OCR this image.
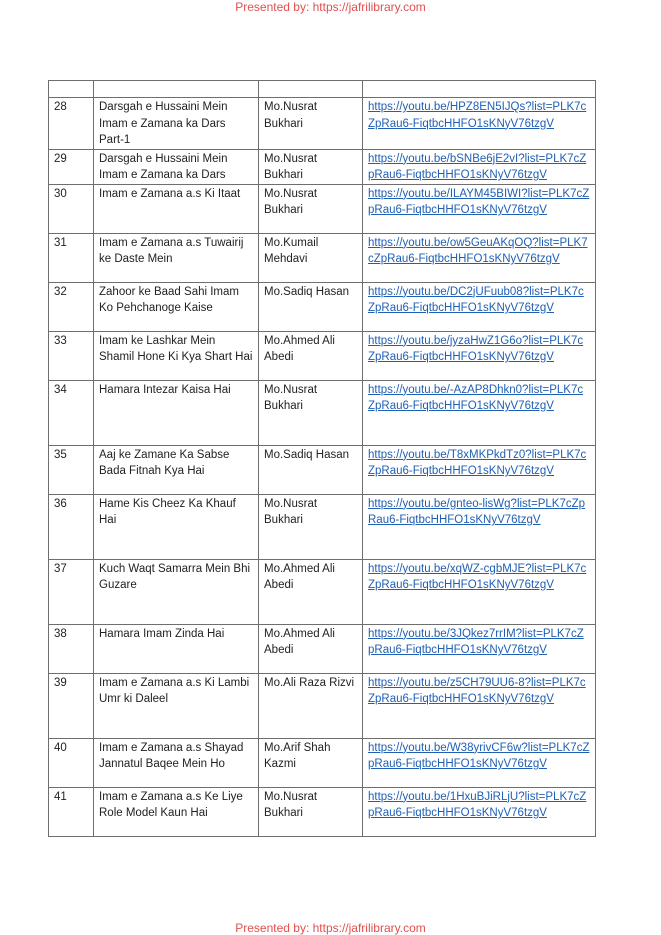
Presented by: https://jafrilibrary.com

28	Darsgah e Hussaini Mein Imam e Zamana ka Dars Part-1	Mo.Nusrat Bukhari	https://youtu.be/HPZ8EN5IJQs?list=PLK7cZpRau6-FiqtbcHHFO1sKNyV76tzgV
29	Darsgah e Hussaini Mein Imam e Zamana ka Dars	Mo.Nusrat Bukhari	https://youtu.be/bSNBe6jE2vI?list=PLK7cZpRau6-FiqtbcHHFO1sKNyV76tzgV
30	Imam e Zamana a.s Ki Itaat	Mo.Nusrat Bukhari	https://youtu.be/ILAYM45BIWI?list=PLK7cZpRau6-FiqtbcHHFO1sKNyV76tzgV
31	Imam e Zamana a.s Tuwairij ke Daste Mein	Mo.Kumail Mehdavi	https://youtu.be/ow5GeuAKqOQ?list=PLK7cZpRau6-FiqtbcHHFO1sKNyV76tzgV
32	Zahoor ke Baad Sahi Imam Ko Pehchanoge Kaise	Mo.Sadiq Hasan	https://youtu.be/DC2jUFuub08?list=PLK7cZpRau6-FiqtbcHHFO1sKNyV76tzgV
33	Imam ke Lashkar Mein Shamil Hone Ki Kya Shart Hai	Mo.Ahmed Ali Abedi	https://youtu.be/jyzaHwZ1G6o?list=PLK7cZpRau6-FiqtbcHHFO1sKNyV76tzgV
34	Hamara Intezar Kaisa Hai	Mo.Nusrat Bukhari	https://youtu.be/-AzAP8Dhkn0?list=PLK7cZpRau6-FiqtbcHHFO1sKNyV76tzgV
35	Aaj ke Zamane Ka Sabse Bada Fitnah Kya Hai	Mo.Sadiq Hasan	https://youtu.be/T8xMKPkdTz0?list=PLK7cZpRau6-FiqtbcHHFO1sKNyV76tzgV
36	Hame Kis Cheez Ka Khauf Hai	Mo.Nusrat Bukhari	https://youtu.be/gnteo-lisWg?list=PLK7cZpRau6-FiqtbcHHFO1sKNyV76tzgV
37	Kuch Waqt Samarra Mein Bhi Guzare	Mo.Ahmed Ali Abedi	https://youtu.be/xqWZ-cgbMJE?list=PLK7cZpRau6-FiqtbcHHFO1sKNyV76tzgV
38	Hamara Imam Zinda Hai	Mo.Ahmed Ali Abedi	https://youtu.be/3JQkez7rrIM?list=PLK7cZpRau6-FiqtbcHHFO1sKNyV76tzgV
39	Imam e Zamana a.s Ki Lambi Umr ki Daleel	Mo.Ali Raza Rizvi	https://youtu.be/z5CH79UU6-8?list=PLK7cZpRau6-FiqtbcHHFO1sKNyV76tzgV
40	Imam e Zamana a.s Shayad Jannatul Baqee Mein Ho	Mo.Arif Shah Kazmi	https://youtu.be/W38yrivCF6w?list=PLK7cZpRau6-FiqtbcHHFO1sKNyV76tzgV
41	Imam e Zamana a.s Ke Liye Role Model Kaun Hai	Mo.Nusrat Bukhari	https://youtu.be/1HxuBJiRLjU?list=PLK7cZpRau6-FiqtbcHHFO1sKNyV76tzgV
Presented by: https://jafrilibrary.com
